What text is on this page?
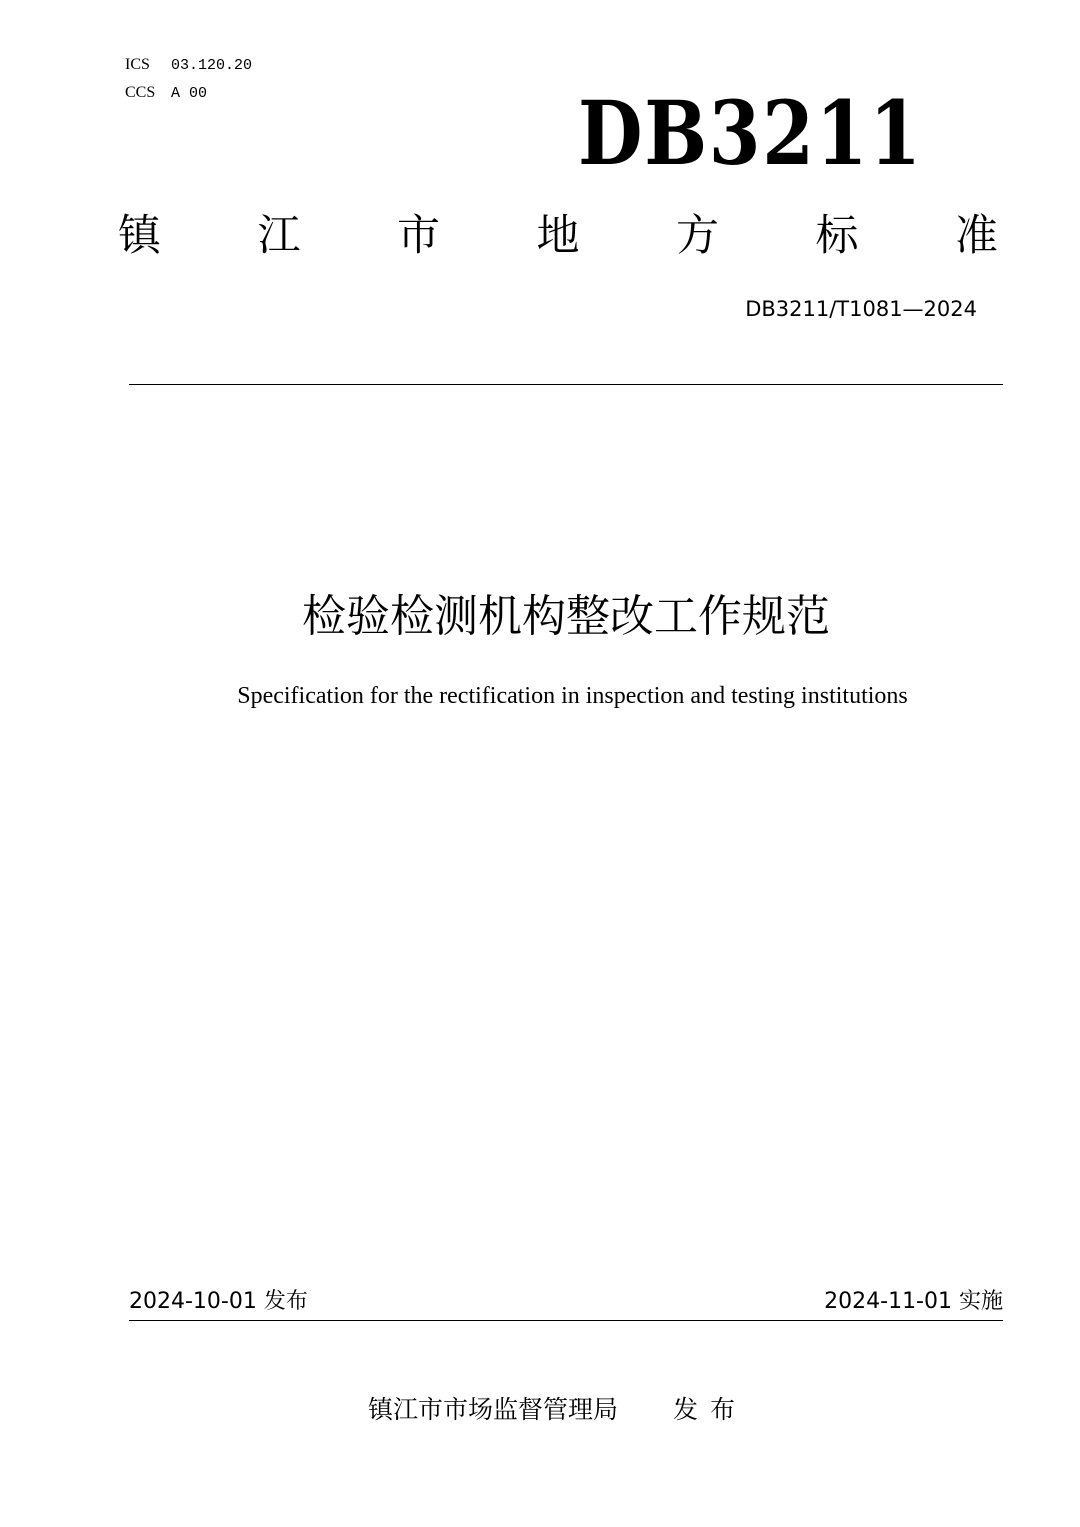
ICS 03.120.20
CCS A 00	DB3211
镇 江 市 地 方 标 准
DB3211/T1081—2024
检验检测机构整改工作规范
Specification for the rectification in inspection and testing institutions
2024-10-01 发布	2024-11-01 实施
镇江市市场监督管理局 发布
